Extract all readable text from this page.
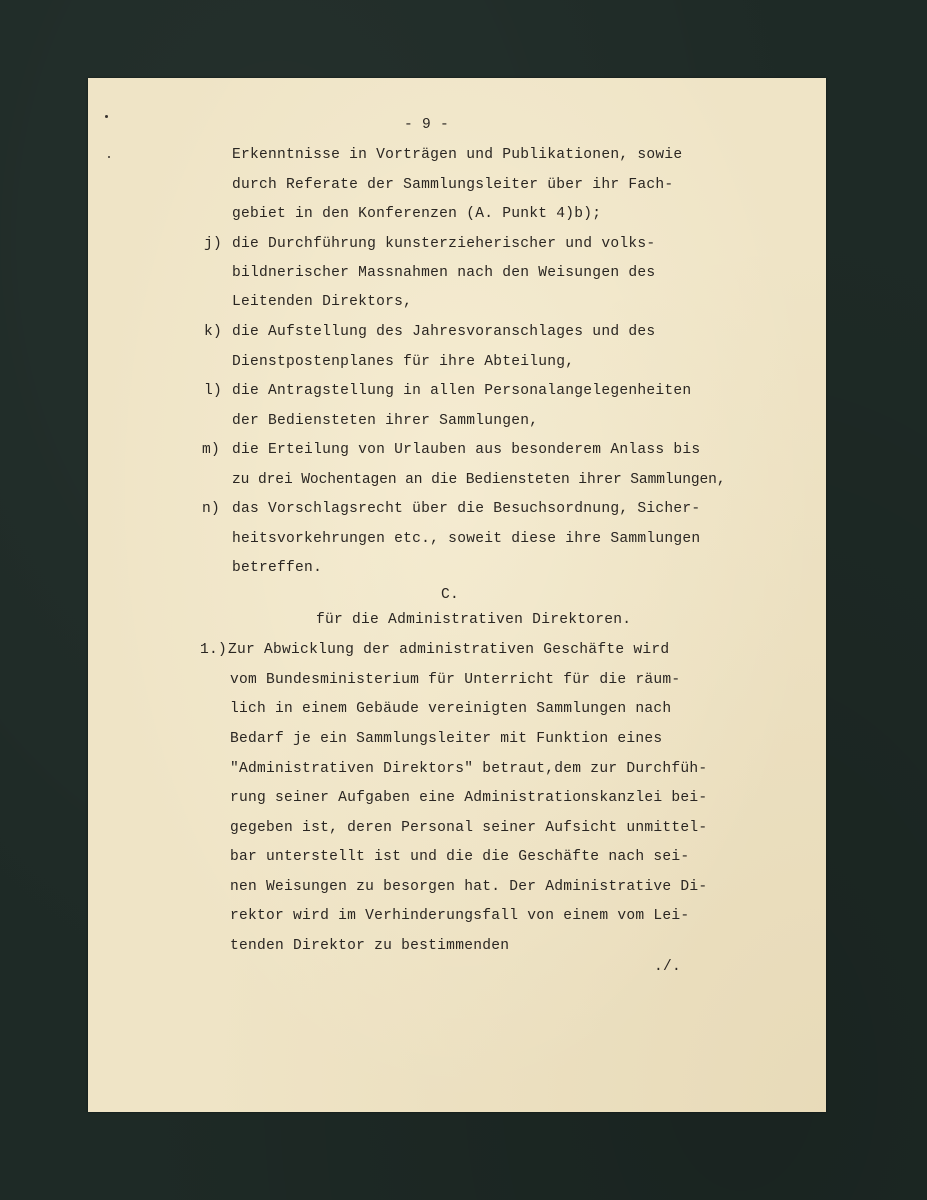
- 9 -
Erkenntnisse in Vorträgen und Publikationen, sowie
durch Referate der Sammlungsleiter über ihr Fach-
gebiet in den Konferenzen (A. Punkt 4)b);
j) die Durchführung kunsterzieherischer und volks-
bildnerischer Massnahmen nach den Weisungen des
Leitenden Direktors,
k) die Aufstellung des Jahresvoranschlages und des
Dienstpostenplanes für ihre Abteilung,
l) die Antragstellung in allen Personalangelegenheiten
der Bediensteten ihrer Sammlungen,
m) die Erteilung von Urlauben aus besonderem Anlass bis
zu drei Wochentagen an die Bediensteten ihrer Sammlungen,
n) das Vorschlagsrecht über die Besuchsordnung, Sicher-
heitsvorkehrungen etc., soweit diese ihre Sammlungen
betreffen.
C.
für die Administrativen Direktoren.
1.) Zur Abwicklung der administrativen Geschäfte wird
vom Bundesministerium für Unterricht für die räum-
lich in einem Gebäude vereinigten Sammlungen nach
Bedarf je ein Sammlungsleiter mit Funktion eines
"Administrativen Direktors" betraut,dem zur Durchfüh-
rung seiner Aufgaben eine Administrationskanzlei bei-
gegeben ist, deren Personal seiner Aufsicht unmittel-
bar unterstellt ist und die die Geschäfte nach sei-
nen Weisungen zu besorgen hat. Der Administrative Di-
rektor wird im Verhinderungsfall von einem vom Lei-
tenden Direktor zu bestimmenden
./.
